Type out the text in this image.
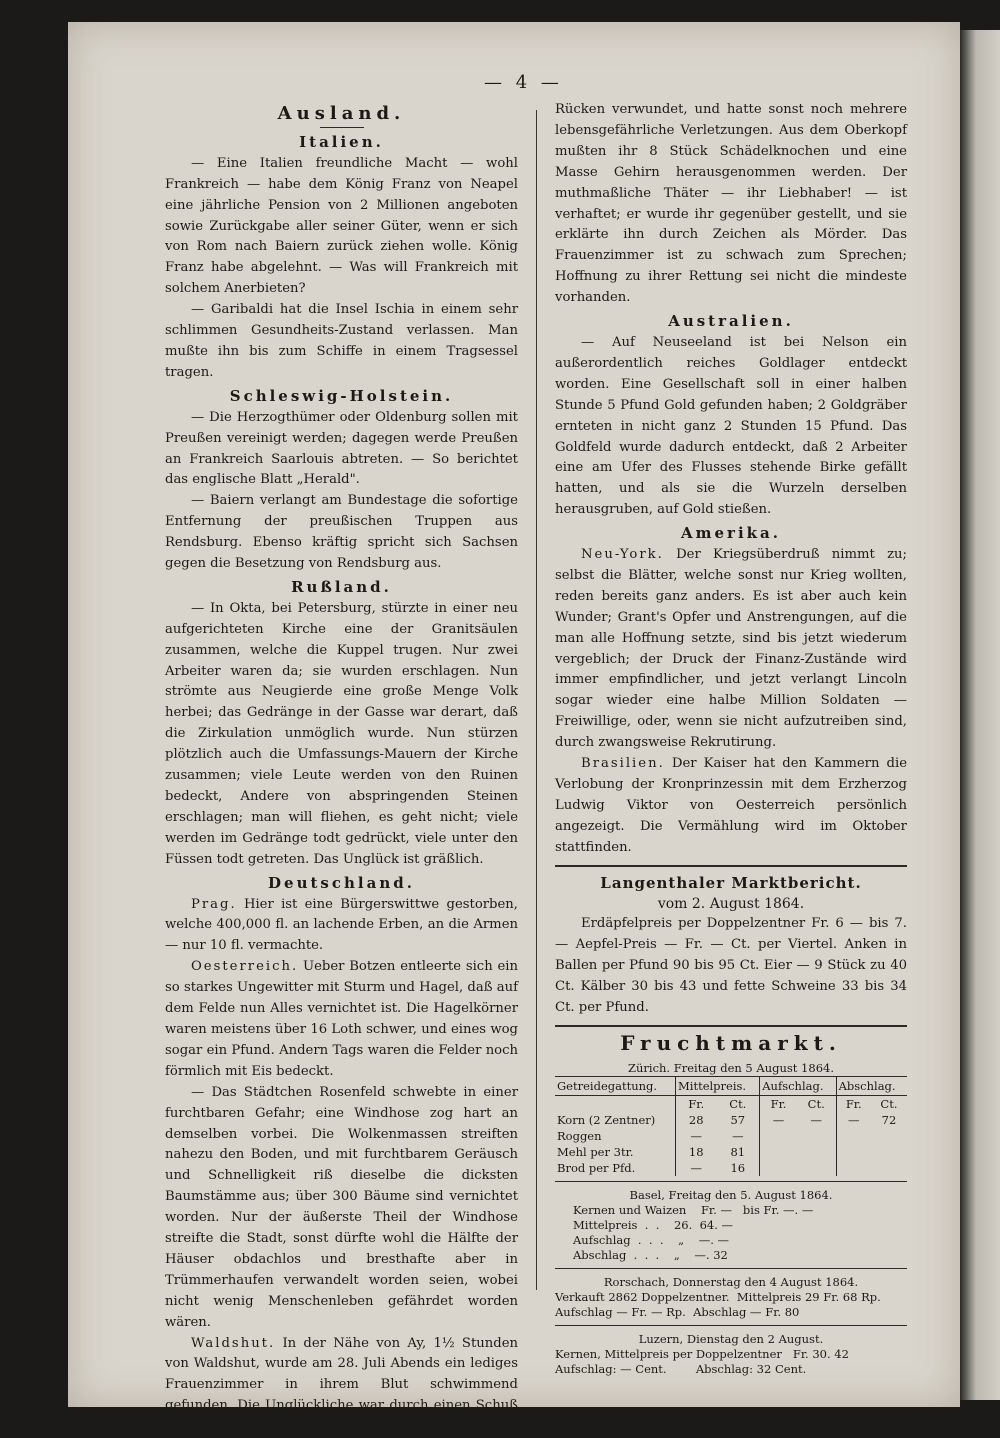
— 4 —
Ausland.
Italien.

— Eine Italien freundliche Macht — wohl Frankreich — habe dem König Franz von Neapel eine jährliche Pension von 2 Millionen angeboten sowie Zurückgabe aller seiner Güter, wenn er sich von Rom nach Baiern zurück ziehen wolle. König Franz habe abgelehnt. — Was will Frankreich mit solchem Anerbieten?

— Garibaldi hat die Insel Ischia in einem sehr schlimmen Gesundheits-Zustand verlassen. Man mußte ihn bis zum Schiffe in einem Tragsessel tragen.

Schleswig-Holstein.

— Die Herzogthümer oder Oldenburg sollen mit Preußen vereinigt werden; dagegen werde Preußen an Frankreich Saarlouis abtreten. — So berichtet das englische Blatt „Herald".

— Baiern verlangt am Bundestage die sofortige Entfernung der preußischen Truppen aus Rendsburg. Ebenso kräftig spricht sich Sachsen gegen die Besetzung von Rendsburg aus.

Rußland.

— In Okta, bei Petersburg, stürzte in einer neu aufgerichteten Kirche eine der Granitsäulen zusammen, welche die Kuppel trugen. Nur zwei Arbeiter waren da; sie wurden erschlagen. Nun strömte aus Neugierde eine große Menge Volk herbei; das Gedränge in der Gasse war derart, daß die Zirkulation unmöglich wurde. Nun stürzen plötzlich auch die Umfassungs-Mauern der Kirche zusammen; viele Leute werden von den Ruinen bedeckt, Andere von abspringenden Steinen erschlagen; man will fliehen, es geht nicht; viele werden im Gedränge todt gedrückt, viele unter den Füssen todt getreten. Das Unglück ist gräßlich.

Deutschland.

Prag. Hier ist eine Bürgerswittwe gestorben, welche 400,000 fl. an lachende Erben, an die Armen — nur 10 fl. vermachte.

Oesterreich. Ueber Botzen entleerte sich ein so starkes Ungewitter mit Sturm und Hagel, daß auf dem Felde nun Alles vernichtet ist. Die Hagelkörner waren meistens über 16 Loth schwer, und eines wog sogar ein Pfund. Andern Tags waren die Felder noch förmlich mit Eis bedeckt.

— Das Städtchen Rosenfeld schwebte in einer furchtbaren Gefahr; eine Windhose zog hart an demselben vorbei. Die Wolkenmassen streiften nahezu den Boden, und mit furchtbarem Geräusch und Schnelligkeit riß dieselbe die dicksten Baumstämme aus; über 300 Bäume sind vernichtet worden. Nur der äußerste Theil der Windhose streifte die Stadt, sonst dürfte wohl die Hälfte der Häuser obdachlos und bresthafte aber in Trümmerhaufen verwandelt worden seien, wobei nicht wenig Menschenleben gefährdet worden wären.

Waldshut. In der Nähe von Ay, 1½ Stunden von Waldshut, wurde am 28. Juli Abends ein lediges Frauenzimmer in ihrem Blut schwimmend gefunden. Die Unglückliche war durch einen Schuß im

Rücken verwundet, und hatte sonst noch mehrere lebensgefährliche Verletzungen. Aus dem Oberkopf mußten ihr 8 Stück Schädelknochen und eine Masse Gehirn herausgenommen werden. Der muthmaßliche Thäter — ihr Liebhaber! — ist verhaftet; er wurde ihr gegenüber gestellt, und sie erklärte ihn durch Zeichen als Mörder. Das Frauenzimmer ist zu schwach zum Sprechen; Hoffnung zu ihrer Rettung sei nicht die mindeste vorhanden.

Australien.

— Auf Neuseeland ist bei Nelson ein außerordentlich reiches Goldlager entdeckt worden. Eine Gesellschaft soll in einer halben Stunde 5 Pfund Gold gefunden haben; 2 Goldgräber ernteten in nicht ganz 2 Stunden 15 Pfund. Das Goldfeld wurde dadurch entdeckt, daß 2 Arbeiter eine am Ufer des Flusses stehende Birke gefällt hatten, und als sie die Wurzeln derselben herausgruben, auf Gold stießen.

Amerika.

Neu-York. Der Kriegsüberdruß nimmt zu; selbst die Blätter, welche sonst nur Krieg wollten, reden bereits ganz anders. Es ist aber auch kein Wunder; Grant's Opfer und Anstrengungen, auf die man alle Hoffnung setzte, sind bis jetzt wiederum vergeblich; der Druck der Finanz-Zustände wird immer empfindlicher, und jetzt verlangt Lincoln sogar wieder eine halbe Million Soldaten — Freiwillige, oder, wenn sie nicht aufzutreiben sind, durch zwangsweise Rekrutirung.

Brasilien. Der Kaiser hat den Kammern die Verlobung der Kronprinzessin mit dem Erzherzog Ludwig Viktor von Oesterreich persönlich angezeigt. Die Vermählung wird im Oktober stattfinden.

Langenthaler Marktbericht.
vom 2. August 1864.

Erdäpfelpreis per Doppelzentner Fr. 6 — bis 7. — Aepfel-Preis — Fr. — Ct. per Viertel. Anken in Ballen per Pfund 90 bis 95 Ct. Eier — 9 Stück zu 40 Ct. Kälber 30 bis 43 und fette Schweine 33 bis 34 Ct. per Pfund.

Fruchtmarkt.
Zürich. Freitag den 5 August 1864.
Getreidegattung.	Mittelpreis.		Aufschlag.		Abschlag.	
	Fr.	Ct.	Fr.	Ct.	Fr.	Ct.
Korn (2 Zentner)	28	57	—	—	—	72
Roggen	—	—				
Mehl per 3tr.	18	81				
Brod per Pfd.	—	16				
Basel, Freitag den 5. August 1864.
Kernen und Waizen    Fr. —   bis Fr. —. —
Mittelpreis  .  .    26.  64. —
Aufschlag  .  .  .    „    —. —
Abschlag  .  .  .    „    —. 32
Rorschach, Donnerstag den 4 August 1864.
Verkauft 2862 Doppelzentner.  Mittelpreis 29 Fr. 68 Rp.
Aufschlag — Fr. — Rp.  Abschlag — Fr. 80
Luzern, Dienstag den 2 August.
Kernen, Mittelpreis per Doppelzentner   Fr. 30. 42
Aufschlag: — Cent.        Abschlag: 32 Cent.
